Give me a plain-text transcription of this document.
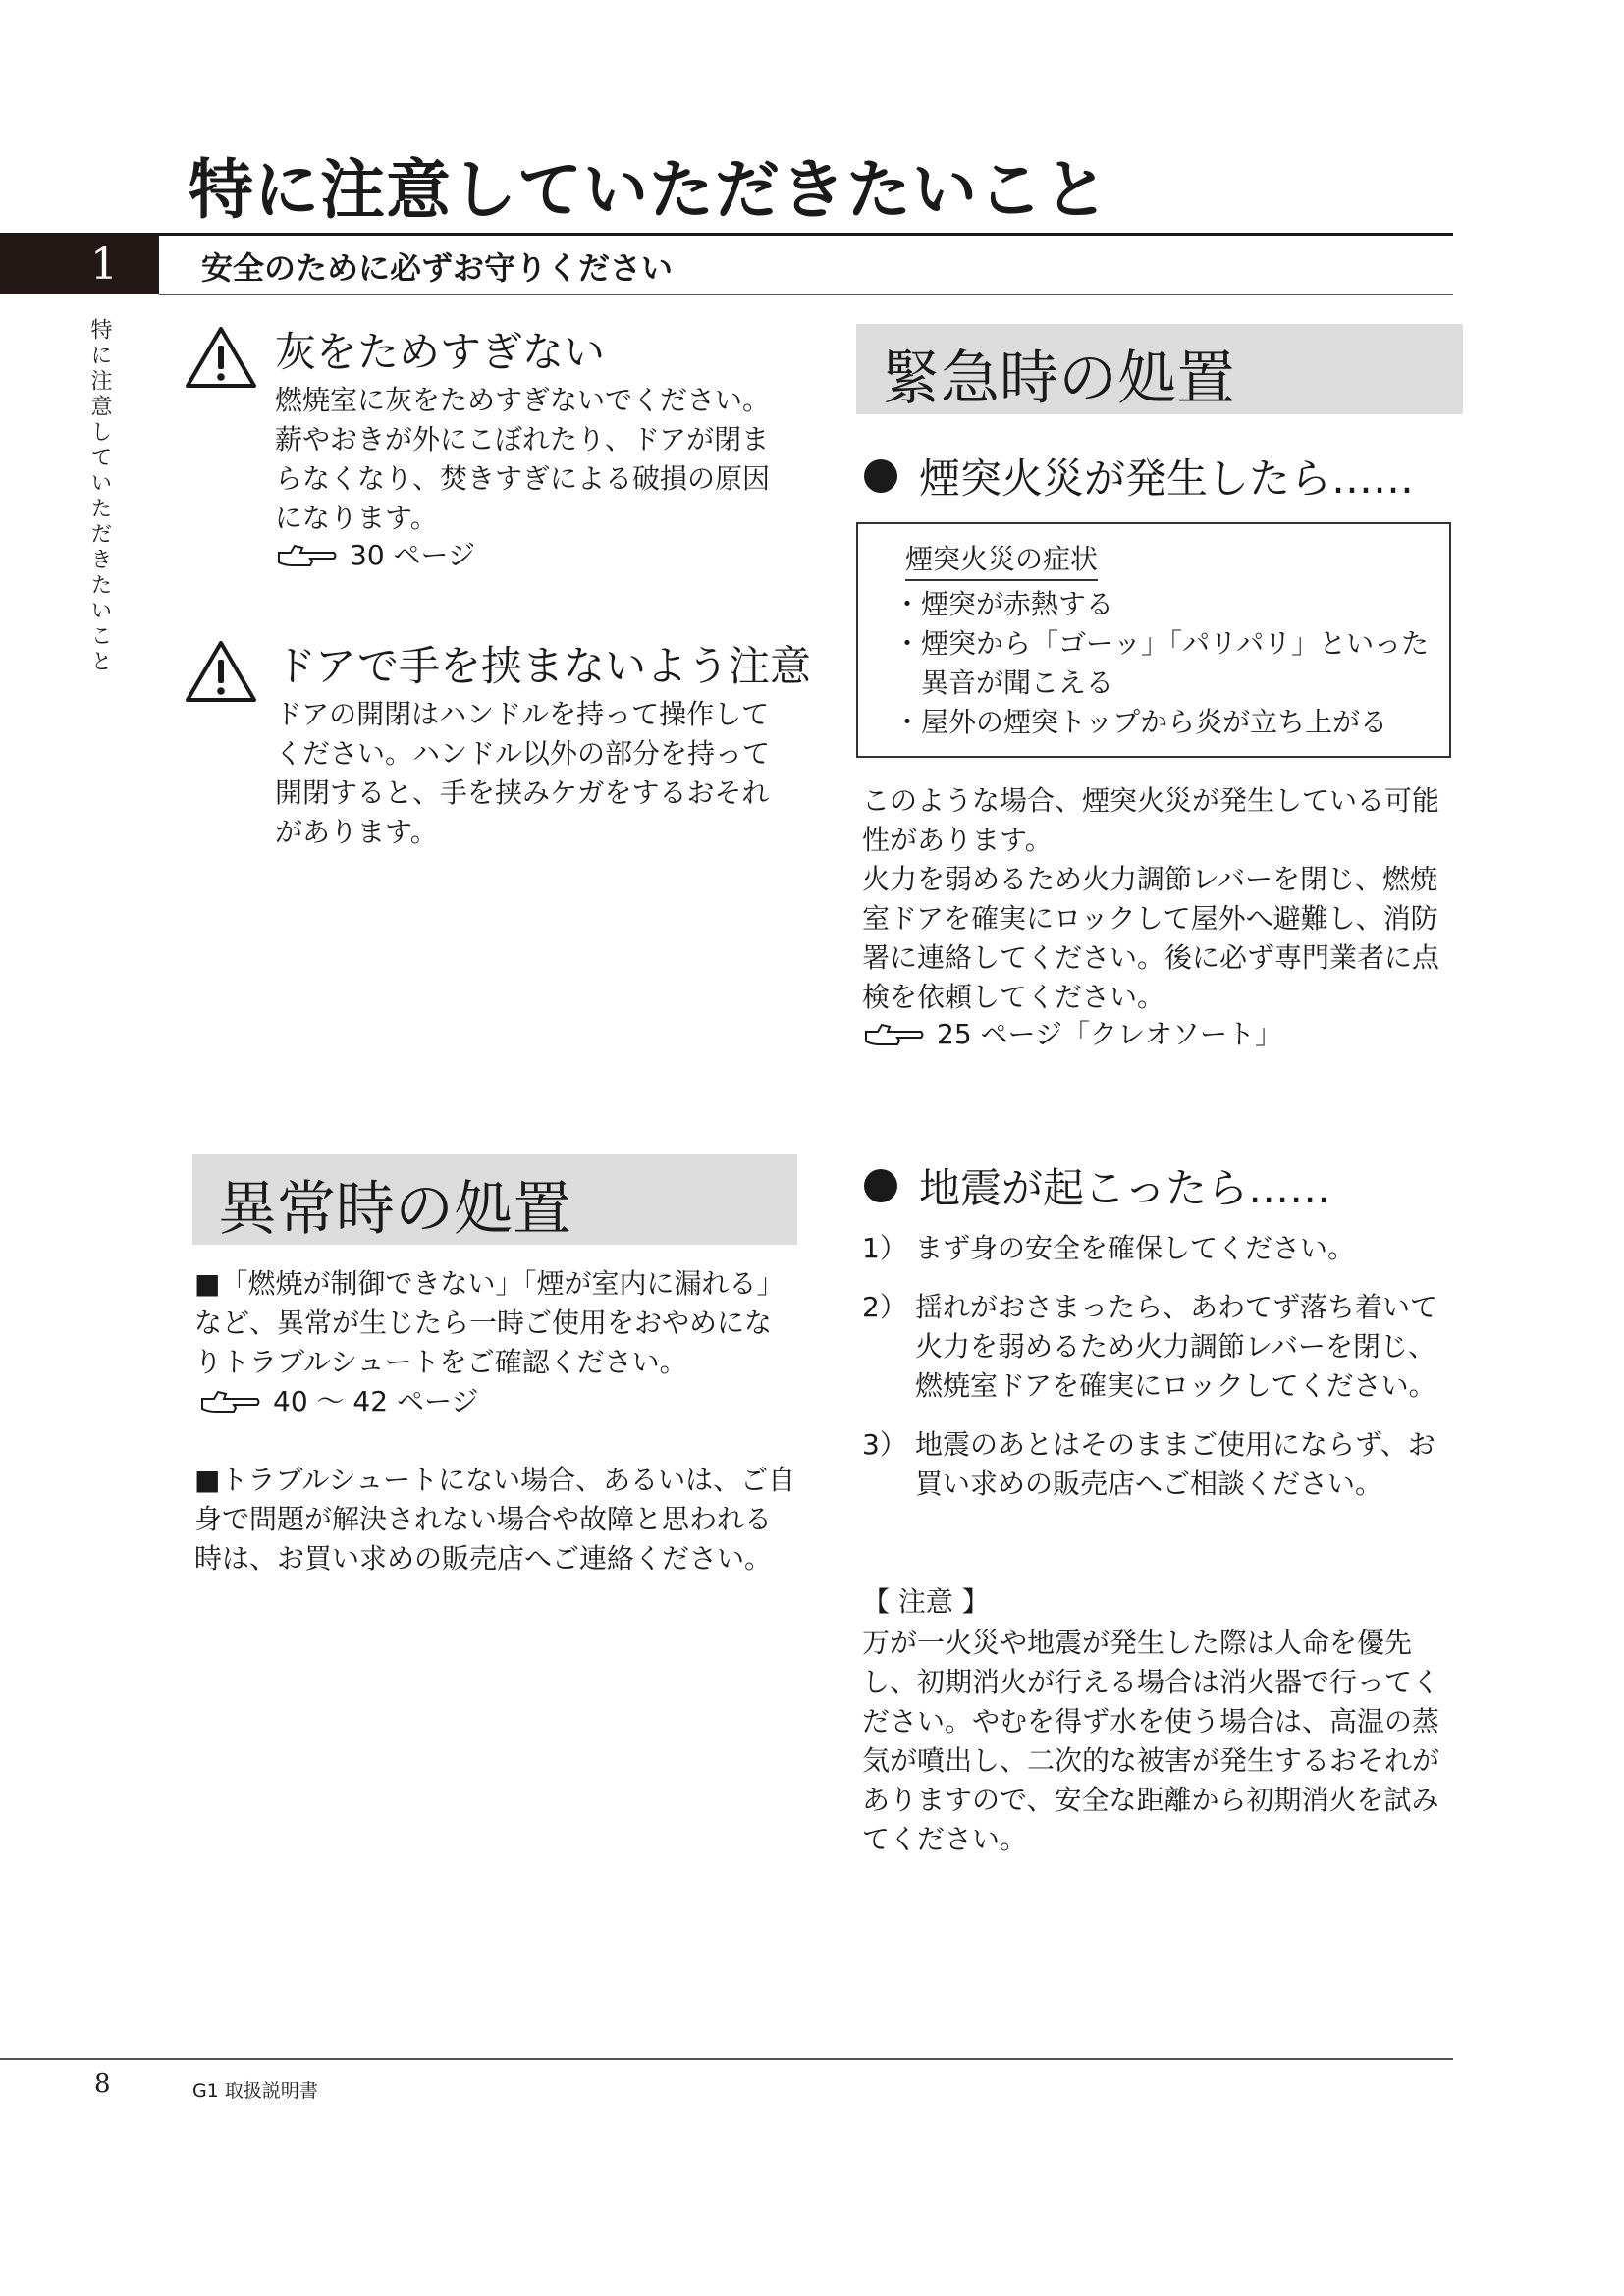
特に注意していただきたいこと
1	安全のために必ずお守りください
特に注意していただきたいこと	灰をためすぎない
燃焼室に灰をためすぎないでください。
薪やおきが外にこぼれたり、ドアが閉ま
らなくなり、焚きすぎによる破損の原因
になります。
30 ページ
ドアで手を挟まないよう注意
ドアの開閉はハンドルを持って操作して
ください。ハンドル以外の部分を持って
開閉すると、手を挟みケガをするおそれ
があります。
異常時の処置
■「燃焼が制御できない」「煙が室内に漏れる」
など、異常が生じたら一時ご使用をおやめにな
りトラブルシュートをご確認ください。
40 ～ 42 ページ
■トラブルシュートにない場合、あるいは、ご自
身で問題が解決されない場合や故障と思われる
時は、お買い求めの販売店へご連絡ください。
緊急時の処置
煙突火災が発生したら……
煙突火災の症状
・煙突が赤熱する
・煙突から「ゴーッ」「パリパリ」といった
　異音が聞こえる
・屋外の煙突トップから炎が立ち上がる
このような場合、煙突火災が発生している可能
性があります。
火力を弱めるため火力調節レバーを閉じ、燃焼
室ドアを確実にロックして屋外へ避難し、消防
署に連絡してください。後に必ず専門業者に点
検を依頼してください。
25 ページ「クレオソート」
地震が起こったら……
1） まず身の安全を確保してください。
2） 揺れがおさまったら、あわてず落ち着いて
火力を弱めるため火力調節レバーを閉じ、
燃焼室ドアを確実にロックしてください。
3） 地震のあとはそのままご使用にならず、お
買い求めの販売店へご相談ください。
【 注意 】
万が一火災や地震が発生した際は人命を優先
し、初期消火が行える場合は消火器で行ってく
ださい。やむを得ず水を使う場合は、高温の蒸
気が噴出し、二次的な被害が発生するおそれが
ありますので、安全な距離から初期消火を試み
てください。
8	G1 取扱説明書
